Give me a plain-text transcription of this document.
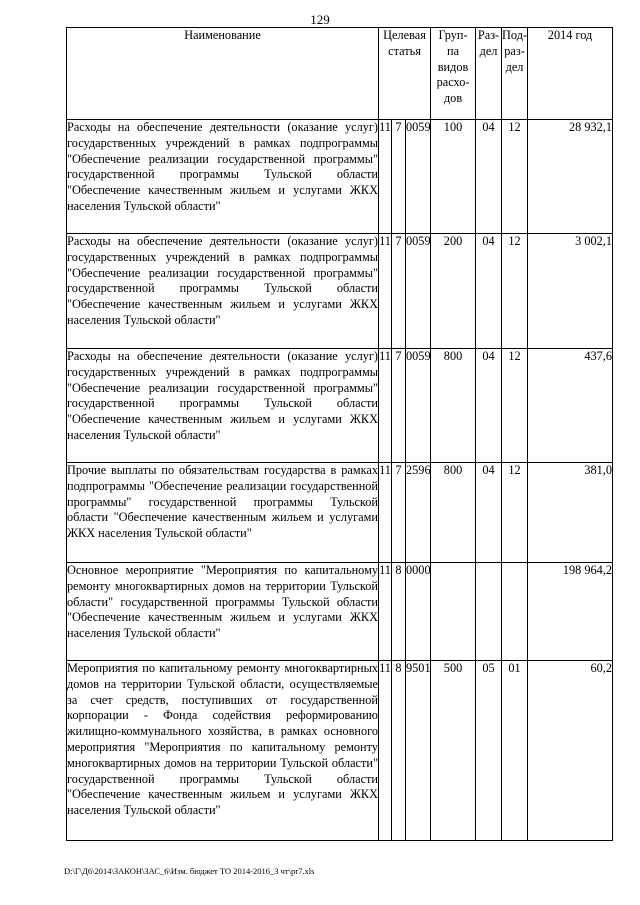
129
Наименование	Целевая статья			Груп- па видов расхо- дов	Раз- дел	Под- раз- дел	2014 год
Расходы на обеспечение деятельности (оказание услуг) государственных учреждений в рамках подпрограммы "Обеспечение реализации государственной программы" государственной программы Тульской области "Обеспечение качественным жильем и услугами ЖКХ населения Тульской области"	11	7	0059	100	04	12	28 932,1
Расходы на обеспечение деятельности (оказание услуг) государственных учреждений в рамках подпрограммы "Обеспечение реализации государственной программы" государственной программы Тульской области "Обеспечение качественным жильем и услугами ЖКХ населения Тульской области"	11	7	0059	200	04	12	3 002,1
Расходы на обеспечение деятельности (оказание услуг) государственных учреждений в рамках подпрограммы "Обеспечение реализации государственной программы" государственной программы Тульской области "Обеспечение качественным жильем и услугами ЖКХ населения Тульской области"	11	7	0059	800	04	12	437,6
Прочие выплаты по обязательствам государства в рамках подпрограммы "Обеспечение реализации государственной программы" государственной программы Тульской области "Обеспечение качественным жильем и услугами ЖКХ населения Тульской области"	11	7	2596	800	04	12	381,0
Основное мероприятие "Мероприятия по капитальному ремонту многоквартирных домов на территории Тульской области" государственной программы Тульской области "Обеспечение качественным жильем и услугами ЖКХ населения Тульской области"	11	8	0000				198 964,2
Мероприятия по капитальному ремонту многоквартирных домов на территории Тульской области, осуществляемые за счет средств, поступивших от государственной корпорации - Фонда содействия реформированию жилищно-коммунального хозяйства, в рамках основного мероприятия "Мероприятия по капитальному ремонту многоквартирных домов на территории Тульской области" государственной программы Тульской области "Обеспечение качественным жильем и услугами ЖКХ населения Тульской области"	11	8	9501	500	05	01	60,2
D:\Г\Д6\2014\ЗАКОН\ЗАС_6\Изм. бюджет ТО 2014-2016_3 чт\pr7.xls
